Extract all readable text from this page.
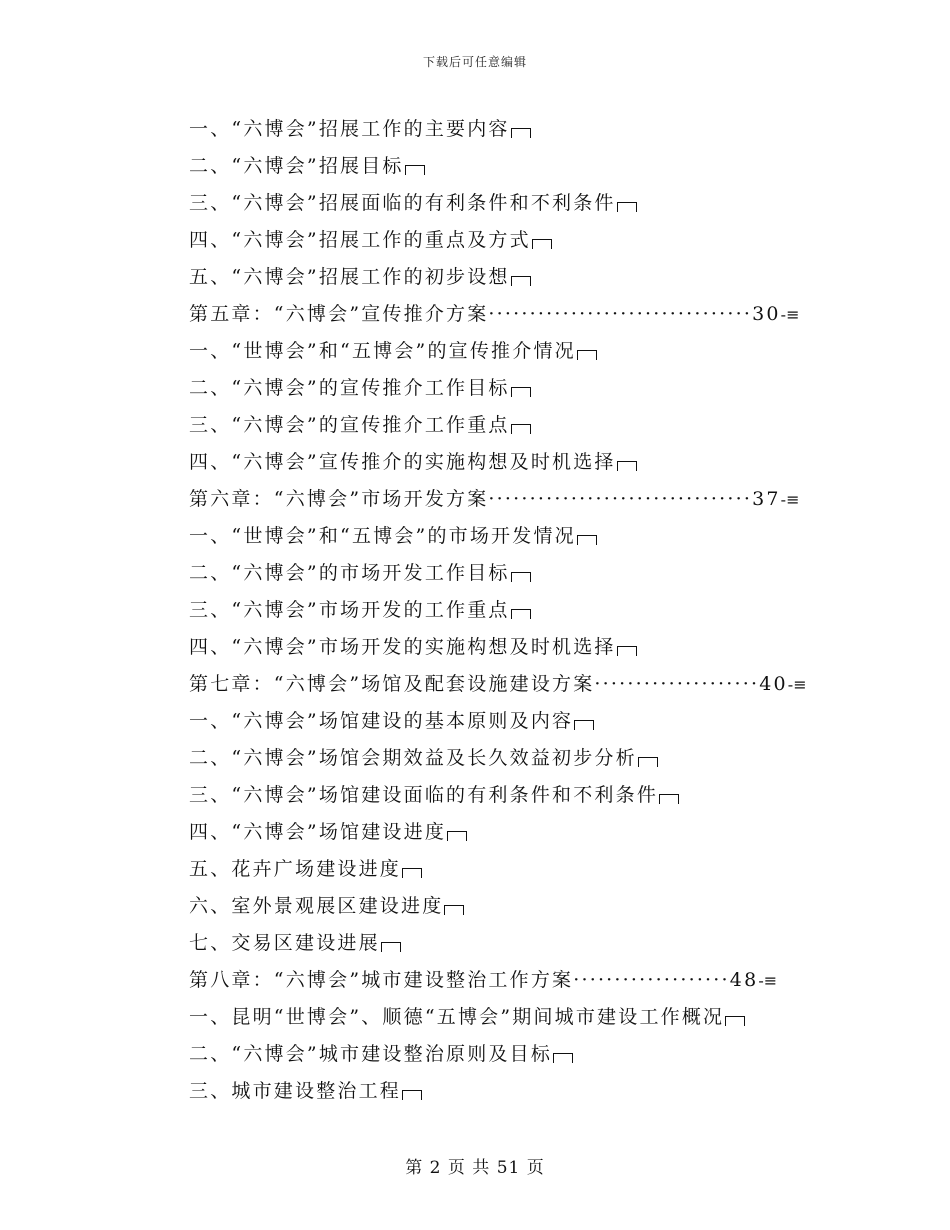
下载后可任意编辑
一、“六博会”招展工作的主要内容
二、“六博会”招展目标
三、“六博会”招展面临的有利条件和不利条件
四、“六博会”招展工作的重点及方式
五、“六博会”招展工作的初步设想
第五章：“六博会”宣传推介方案································30-≡
一、“世博会”和“五博会”的宣传推介情况
二、“六博会”的宣传推介工作目标
三、“六博会”的宣传推介工作重点
四、“六博会”宣传推介的实施构想及时机选择
第六章：“六博会”市场开发方案································37-≡
一、“世博会”和“五博会”的市场开发情况
二、“六博会”的市场开发工作目标
三、“六博会”市场开发的工作重点
四、“六博会”市场开发的实施构想及时机选择
第七章：“六博会”场馆及配套设施建设方案····················40-≡
一、“六博会”场馆建设的基本原则及内容
二、“六博会”场馆会期效益及长久效益初步分析
三、“六博会”场馆建设面临的有利条件和不利条件
四、“六博会”场馆建设进度
五、花卉广场建设进度
六、室外景观展区建设进度
七、交易区建设进展
第八章：“六博会”城市建设整治工作方案···················48-≡
一、昆明“世博会”、顺德“五博会”期间城市建设工作概况
二、“六博会”城市建设整治原则及目标
三、城市建设整治工程
第 2 页 共 51 页
